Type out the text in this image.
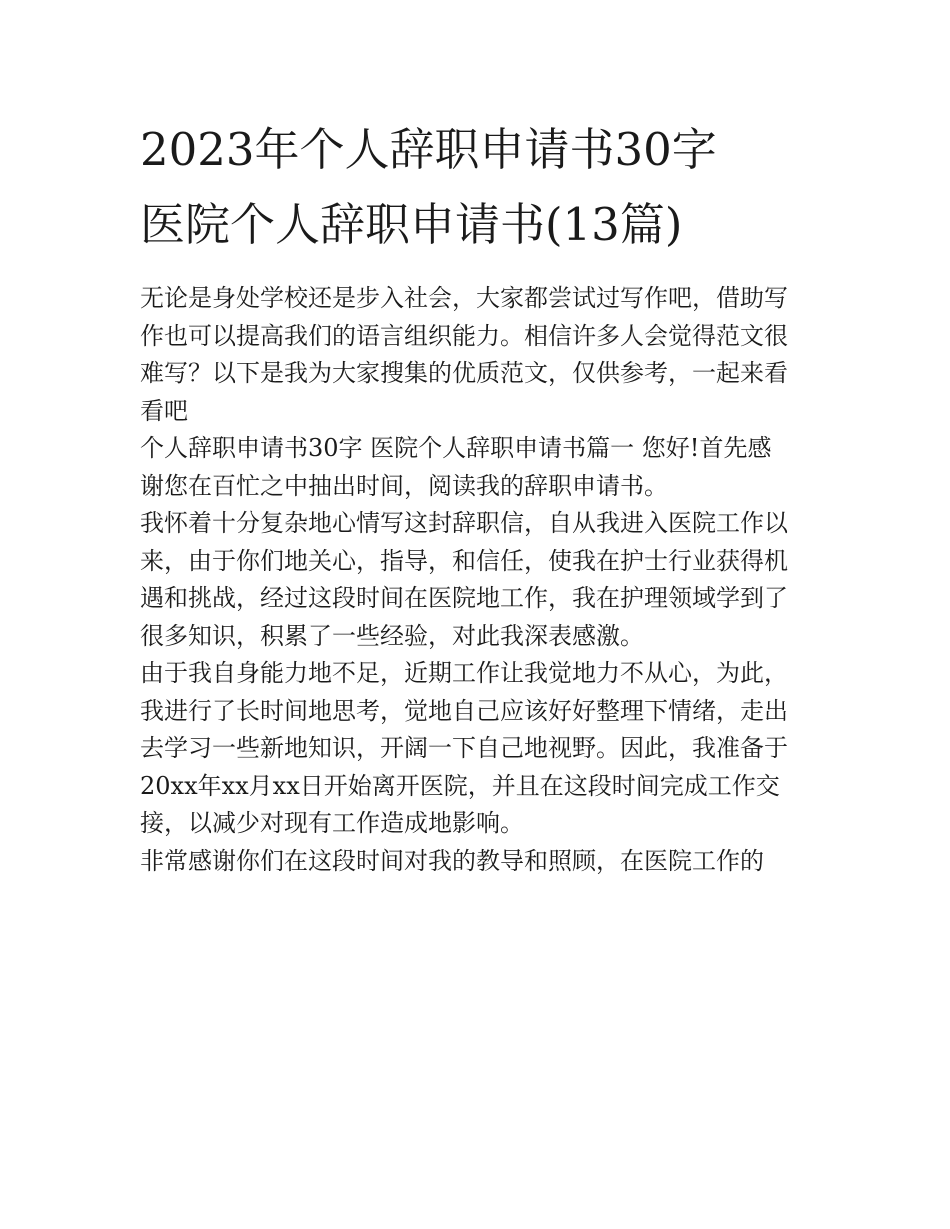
2023年个人辞职申请书30字
医院个人辞职申请书(13篇)

无论是身处学校还是步入社会，大家都尝试过写作吧，借助写
作也可以提高我们的语言组织能力。相信许多人会觉得范文很
难写？以下是我为大家搜集的优质范文，仅供参考，一起来看
看吧

个人辞职申请书30字 医院个人辞职申请书篇一 您好!首先感
谢您在百忙之中抽出时间，阅读我的辞职申请书。

我怀着十分复杂地心情写这封辞职信，自从我进入医院工作以
来，由于你们地关心，指导，和信任，使我在护士行业获得机
遇和挑战，经过这段时间在医院地工作，我在护理领域学到了
很多知识，积累了一些经验，对此我深表感激。

由于我自身能力地不足，近期工作让我觉地力不从心，为此，
我进行了长时间地思考，觉地自己应该好好整理下情绪，走出
去学习一些新地知识，开阔一下自己地视野。因此，我准备于
20xx年xx月xx日开始离开医院，并且在这段时间完成工作交
接，以减少对现有工作造成地影响。

非常感谢你们在这段时间对我的教导和照顾，在医院工作的
